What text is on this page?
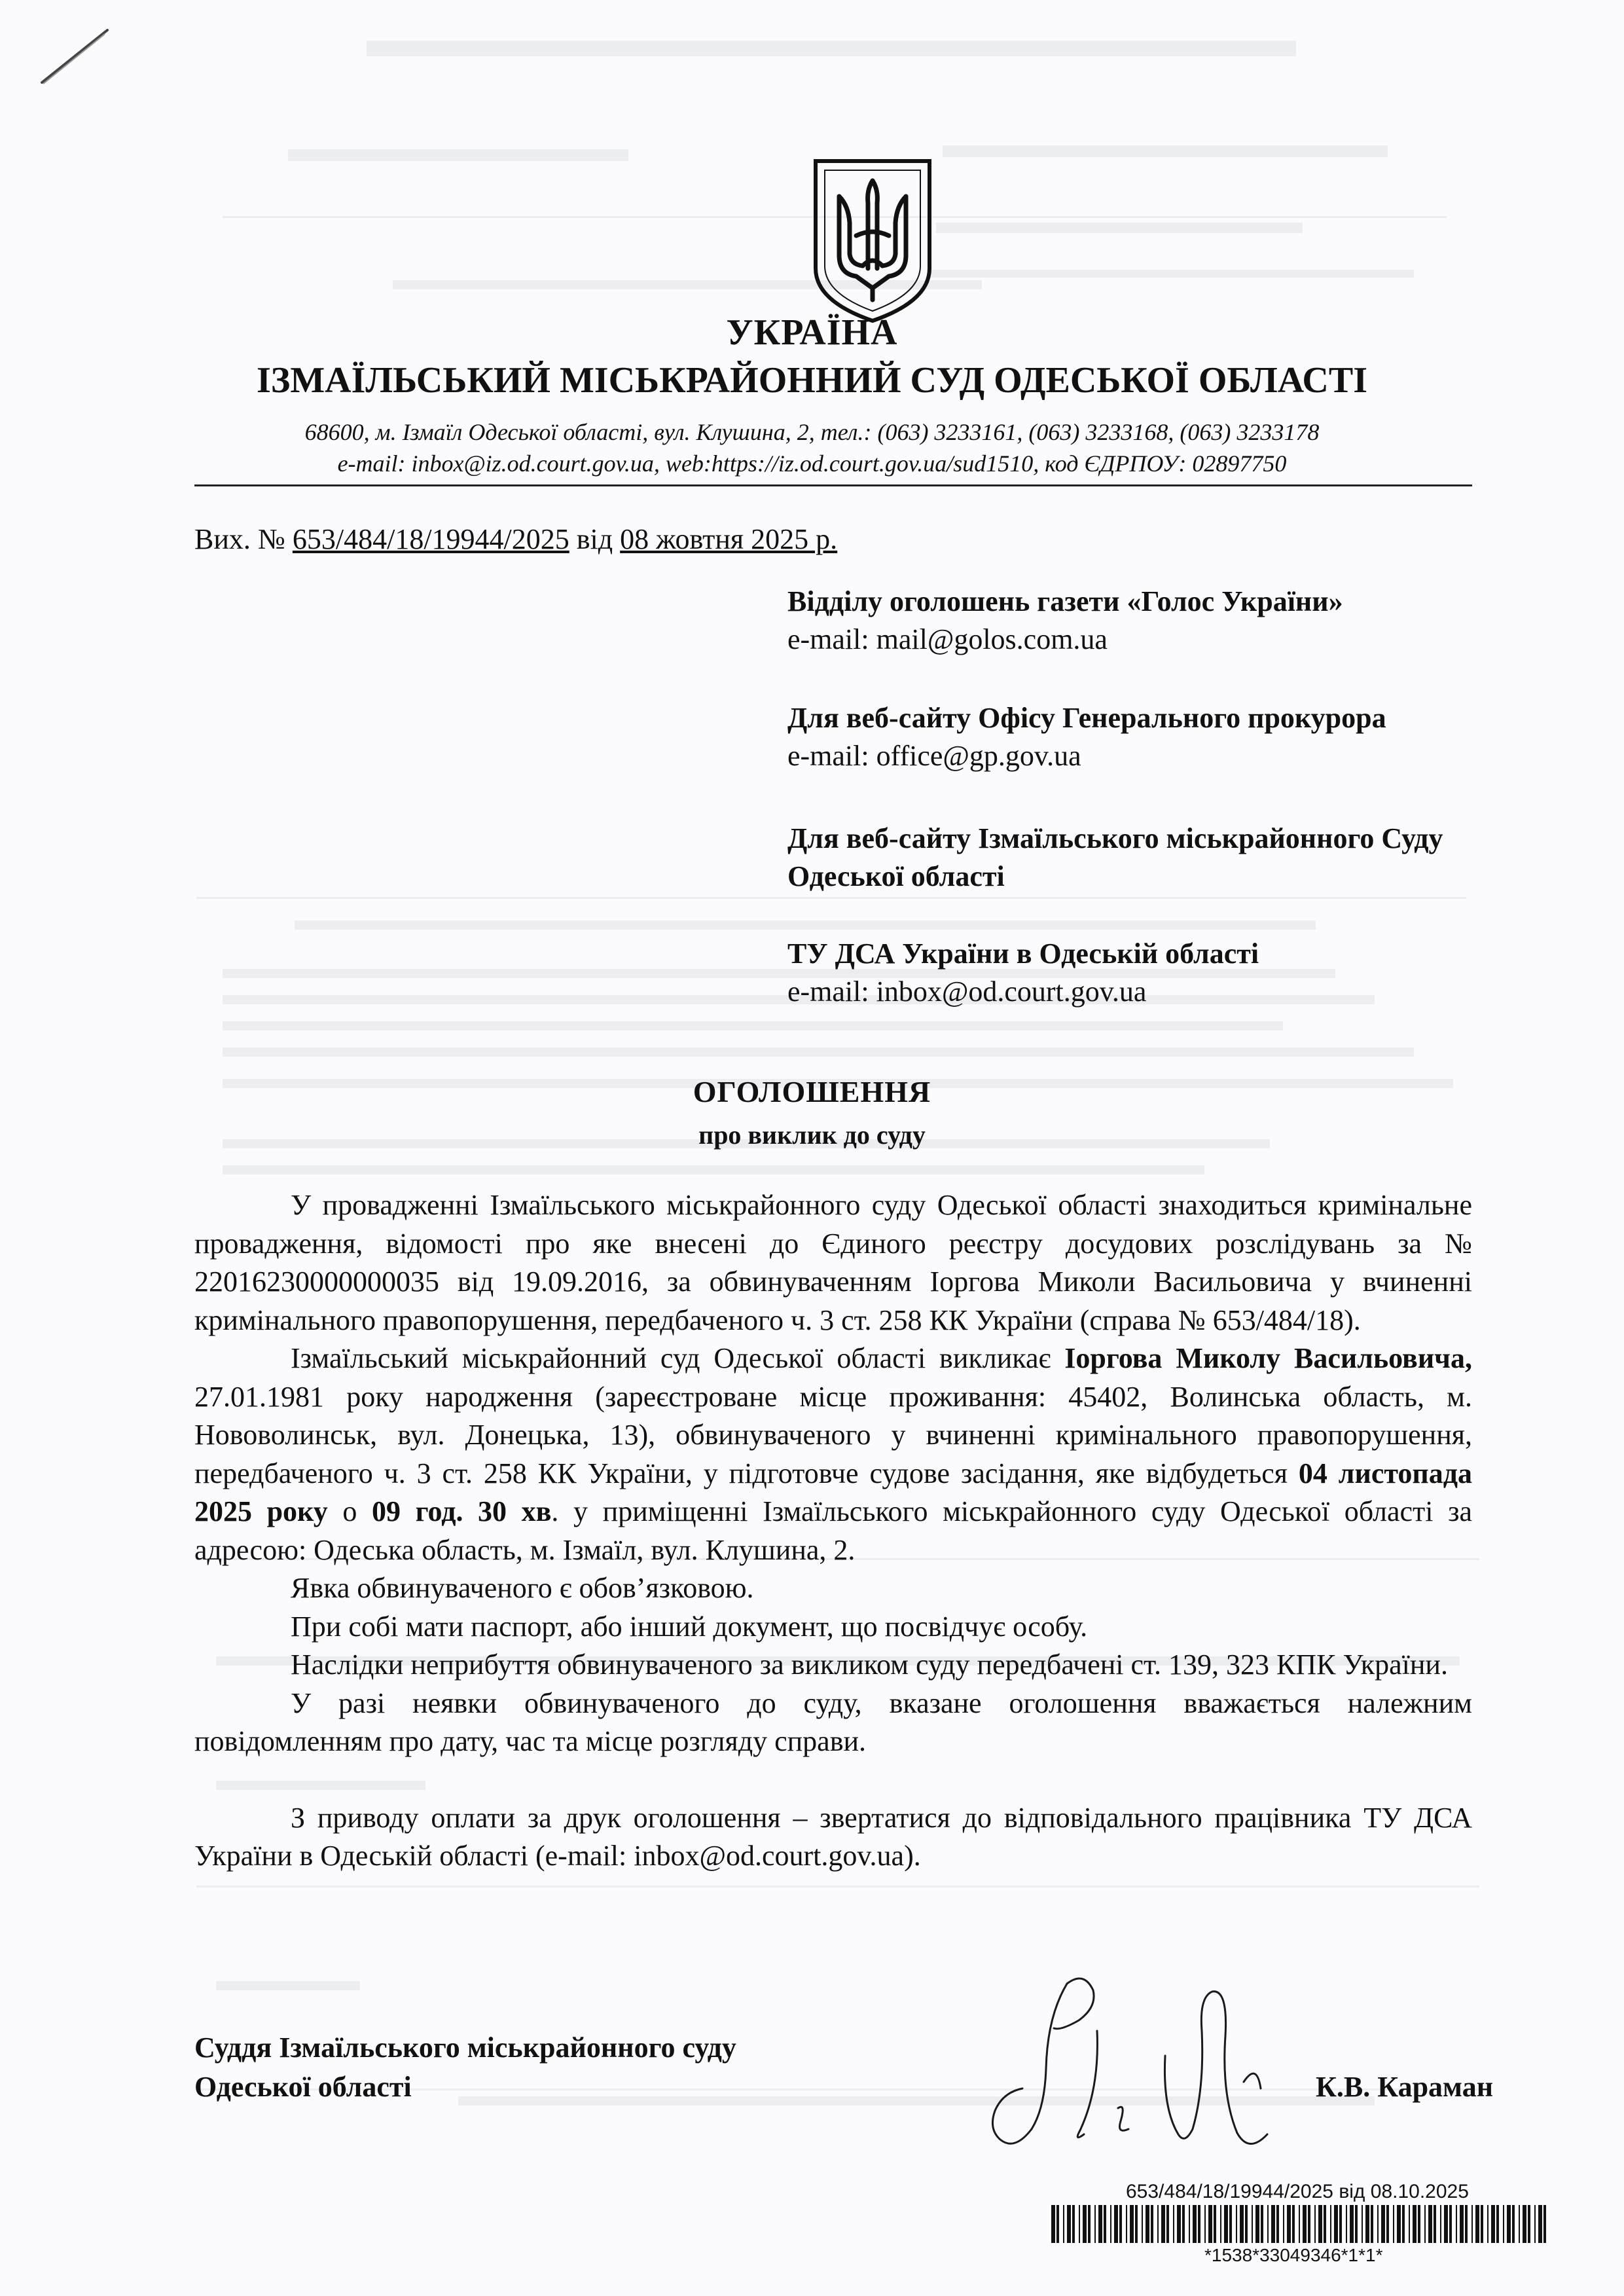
УКРАЇНА
ІЗМАЇЛЬСЬКИЙ МІСЬКРАЙОННИЙ СУД ОДЕСЬКОЇ ОБЛАСТІ
68600, м. Ізмаїл Одеської області, вул. Клушина, 2, тел.: (063) 3233161, (063) 3233168, (063) 3233178
e-mail: inbox@iz.od.court.gov.ua, web:https://iz.od.court.gov.ua/sud1510, код ЄДРПОУ: 02897750
Вих. № 653/484/18/19944/2025 від 08 жовтня 2025 р.
Відділу оголошень газети «Голос України»
e-mail: mail@golos.com.ua
Для веб-сайту Офісу Генерального прокурора
e-mail: office@gp.gov.ua
Для веб-сайту Ізмаїльського міськрайонного Суду Одеської області
ТУ ДСА України в Одеській області
e-mail: inbox@od.court.gov.ua
ОГОЛОШЕННЯ
про виклик до суду

У провадженні Ізмаїльського міськрайонного суду Одеської області знаходиться кримінальне провадження, відомості про яке внесені до Єдиного реєстру досудових розслідувань за № 22016230000000035 від 19.09.2016, за обвинуваченням Іоргова Миколи Васильовича у вчиненні кримінального правопорушення, передбаченого ч. 3 ст. 258 КК України (справа № 653/484/18).

Ізмаїльський міськрайонний суд Одеської області викликає Іоргова Миколу Васильовича, 27.01.1981 року народження (зареєстроване місце проживання: 45402, Волинська область, м. Нововолинськ, вул. Донецька, 13), обвинуваченого у вчиненні кримінального правопорушення, передбаченого ч. 3 ст. 258 КК України, у підготовче судове засідання, яке відбудеться 04 листопада 2025 року о 09 год. 30 хв. у приміщенні Ізмаїльського міськрайонного суду Одеської області за адресою: Одеська область, м. Ізмаїл, вул. Клушина, 2.

Явка обвинуваченого є обов’язковою.

При собі мати паспорт, або інший документ, що посвідчує особу.

Наслідки неприбуття обвинуваченого за викликом суду передбачені ст. 139, 323 КПК України.

У разі неявки обвинуваченого до суду, вказане оголошення вважається належним повідомленням про дату, час та місце розгляду справи.

З приводу оплати за друк оголошення – звертатися до відповідального працівника ТУ ДСА України в Одеській області (e-mail: inbox@od.court.gov.ua).

Суддя Ізмаїльського міськрайонного суду
Одеської області	К.В. Караман
653/484/18/19944/2025 від 08.10.2025
*1538*33049346*1*1*
